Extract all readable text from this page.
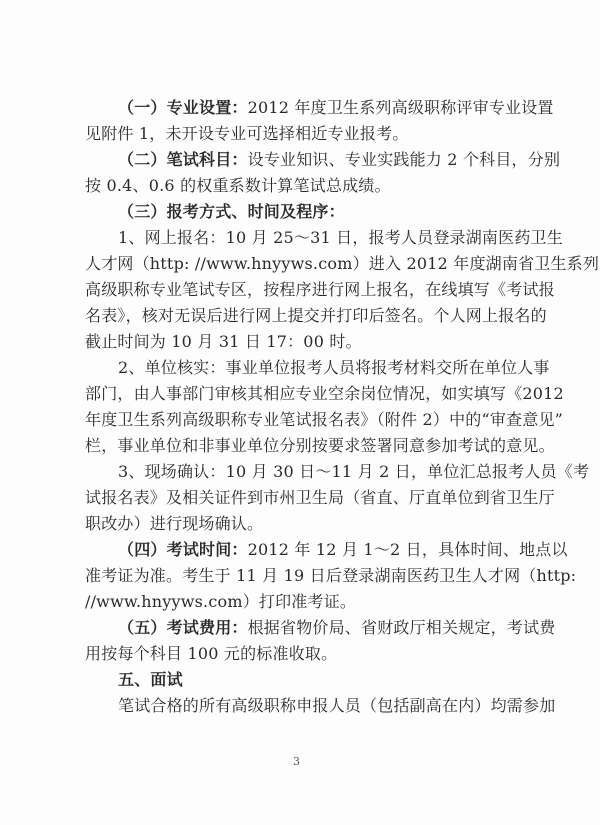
（一）专业设置：2012 年度卫生系列高级职称评审专业设置
见附件 1，未开设专业可选择相近专业报考。
（二）笔试科目：设专业知识、专业实践能力 2 个科目，分别
按 0.4、0.6 的权重系数计算笔试总成绩。
（三）报考方式、时间及程序：
1、网上报名：10 月 25～31 日，报考人员登录湖南医药卫生
人才网（http: //www.hnyyws.com）进入 2012 年度湖南省卫生系列
高级职称专业笔试专区，按程序进行网上报名，在线填写《考试报
名表》，核对无误后进行网上提交并打印后签名。个人网上报名的
截止时间为 10 月 31 日 17：00 时。
2、单位核实：事业单位报考人员将报考材料交所在单位人事
部门，由人事部门审核其相应专业空余岗位情况，如实填写《2012
年度卫生系列高级职称专业笔试报名表》（附件 2）中的“审查意见”
栏，事业单位和非事业单位分别按要求签署同意参加考试的意见。
3、现场确认：10 月 30 日～11 月 2 日，单位汇总报考人员《考
试报名表》及相关证件到市州卫生局（省直、厅直单位到省卫生厅
职改办）进行现场确认。
（四）考试时间：2012 年 12 月 1～2 日，具体时间、地点以
准考证为准。考生于 11 月 19 日后登录湖南医药卫生人才网（http:
//www.hnyyws.com）打印准考证。
（五）考试费用：根据省物价局、省财政厅相关规定，考试费
用按每个科目 100 元的标准收取。
五、面试
笔试合格的所有高级职称申报人员（包括副高在内）均需参加
3
